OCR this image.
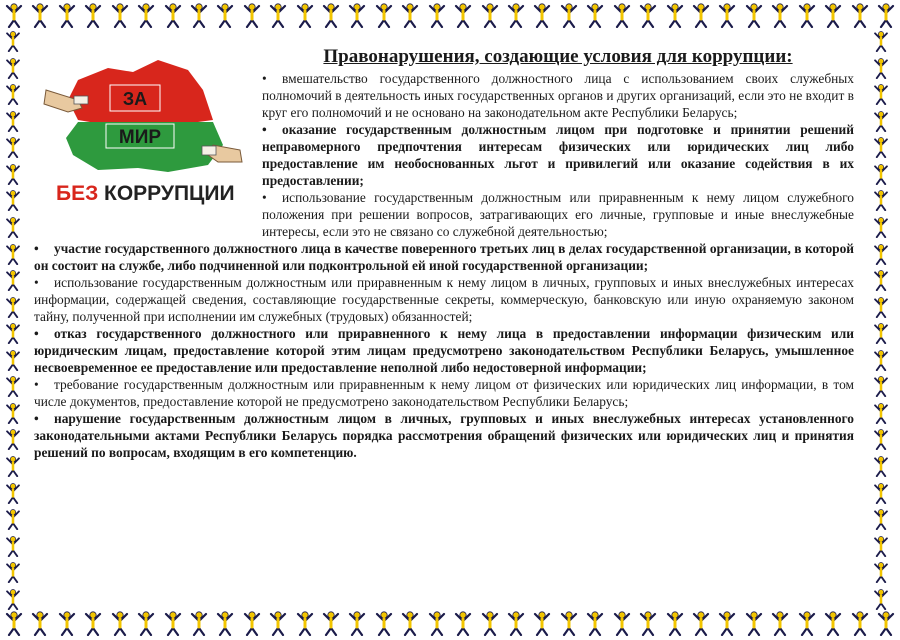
ЗА
МИР
БЕЗ КОРРУПЦИИ
Правонарушения, создающие условия для коррупции:

• вмешательство государственного должностного лица с использованием своих служебных полномочий в деятельность иных государственных органов и других организаций, если это не входит в круг его полномочий и не основано на законодательном акте Республики Беларусь;

• оказание государственным должностным лицом при подготовке и принятии решений неправомерного предпочтения интересам физических или юридических лиц либо предоставление им необоснованных льгот и привилегий или оказание содействия в их предоставлении;

• использование государственным должностным или приравненным к нему лицом служебного положения при решении вопросов, затрагивающих его личные, групповые и иные внеслужебные интересы, если это не связано со служебной деятельностью;

• участие государственного должностного лица в качестве поверенного третьих лиц в делах государственной организации, в которой он состоит на службе, либо подчиненной или подконтрольной ей иной государственной организации;

• использование государственным должностным или приравненным к нему лицом в личных, групповых и иных внеслужебных интересах информации, содержащей сведения, составляющие государственные секреты, коммерческую, банковскую или иную охраняемую законом тайну, полученной при исполнении им служебных (трудовых) обязанностей;

• отказ государственного должностного или приравненного к нему лица в предоставлении информации физическим или юридическим лицам, предоставление которой этим лицам предусмотрено законодательством Республики Беларусь, умышленное несвоевременное ее предоставление или предоставление неполной либо недостоверной информации;

• требование государственным должностным или приравненным к нему лицом от физических или юридических лиц информации, в том числе документов, предоставление которой не предусмотрено законодательством Республики Беларусь;

• нарушение государственным должностным лицом в личных, групповых и иных внеслужебных интересах установленного законодательными актами Республики Беларусь порядка рассмотрения обращений физических или юридических лиц и принятия решений по вопросам, входящим в его компетенцию.
